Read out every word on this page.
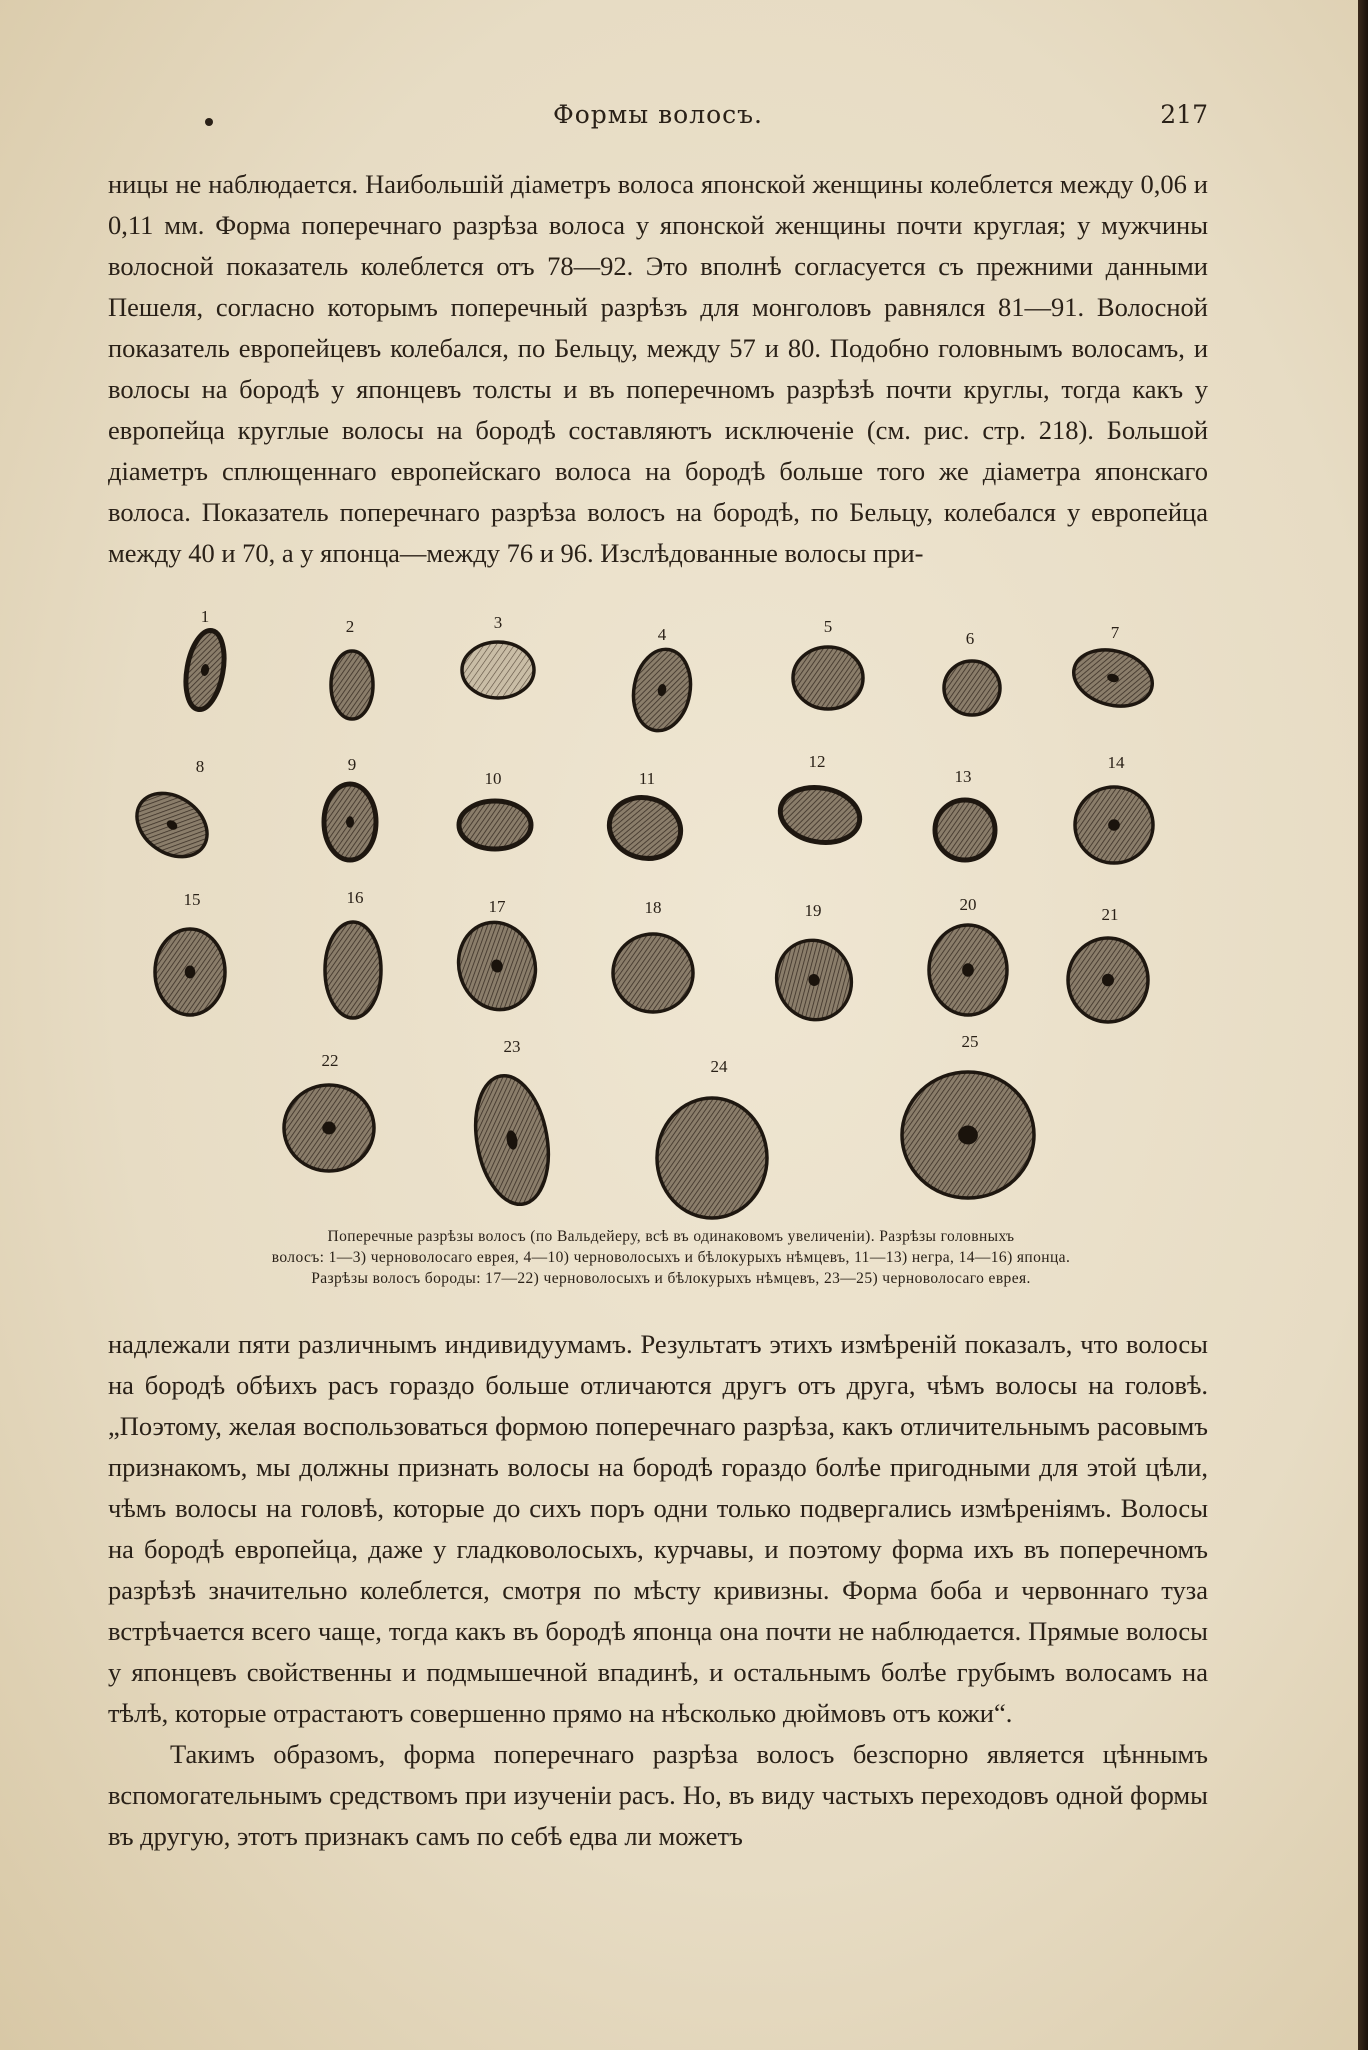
Формы волосъ.	217

ницы не наблюдается. Наибольшій діаметръ волоса японской женщины колеблется между 0,06 и 0,11 мм. Форма поперечнаго разрѣза волоса у японской женщины почти круглая; у мужчины волосной показатель колеблется отъ 78—92. Это вполнѣ согласуется съ прежними данными Пешеля, согласно которымъ поперечный разрѣзъ для монголовъ равнялся 81—91. Волосной показатель европейцевъ колебался, по Бельцу, между 57 и 80. Подобно головнымъ волосамъ, и волосы на бородѣ у японцевъ толсты и въ поперечномъ разрѣзѣ почти круглы, тогда какъ у европейца круглые волосы на бородѣ составляютъ исключеніе (см. рис. стр. 218). Большой діаметръ сплющеннаго европейскаго волоса на бородѣ больше того же діаметра японскаго волоса. Показатель поперечнаго разрѣза волосъ на бородѣ, по Бельцу, колебался у европейца между 40 и 70, а у японца—между 76 и 96. Изслѣдованные волосы при-

1
2	3
4	5
6	7
8	9
10	11
12
13
14
15	16	17	18	19	20
21
22
23
24
25
Поперечные разрѣзы волосъ (по Вальдейеру, всѣ въ одинаковомъ увеличеніи). Разрѣзы головныхъ
волосъ: 1—3) черноволосаго еврея, 4—10) черноволосыхъ и бѣлокурыхъ нѣмцевъ, 11—13) негра, 14—16) японца.
Разрѣзы волосъ бороды: 17—22) черноволосыхъ и бѣлокурыхъ нѣмцевъ, 23—25) черноволосаго еврея.

надлежали пяти различнымъ индивидуумамъ. Результатъ этихъ измѣреній показалъ, что волосы на бородѣ обѣихъ расъ гораздо больше отличаются другъ отъ друга, чѣмъ волосы на головѣ. „Поэтому, желая воспользоваться формою поперечнаго разрѣза, какъ отличительнымъ расовымъ признакомъ, мы должны признать волосы на бородѣ гораздо болѣе пригодными для этой цѣли, чѣмъ волосы на головѣ, которые до сихъ поръ одни только подвергались измѣреніямъ. Волосы на бородѣ европейца, даже у гладковолосыхъ, курчавы, и поэтому форма ихъ въ поперечномъ разрѣзѣ значительно колеблется, смотря по мѣсту кривизны. Форма боба и червоннаго туза встрѣчается всего чаще, тогда какъ въ бородѣ японца она почти не наблюдается. Прямые волосы у японцевъ свойственны и подмышечной впадинѣ, и остальнымъ болѣе грубымъ волосамъ на тѣлѣ, которые отрастаютъ совершенно прямо на нѣсколько дюймовъ отъ кожи“.

Такимъ образомъ, форма поперечнаго разрѣза волосъ безспорно является цѣннымъ вспомогательнымъ средствомъ при изученіи расъ. Но, въ виду частыхъ переходовъ одной формы въ другую, этотъ признакъ самъ по себѣ едва ли можетъ
